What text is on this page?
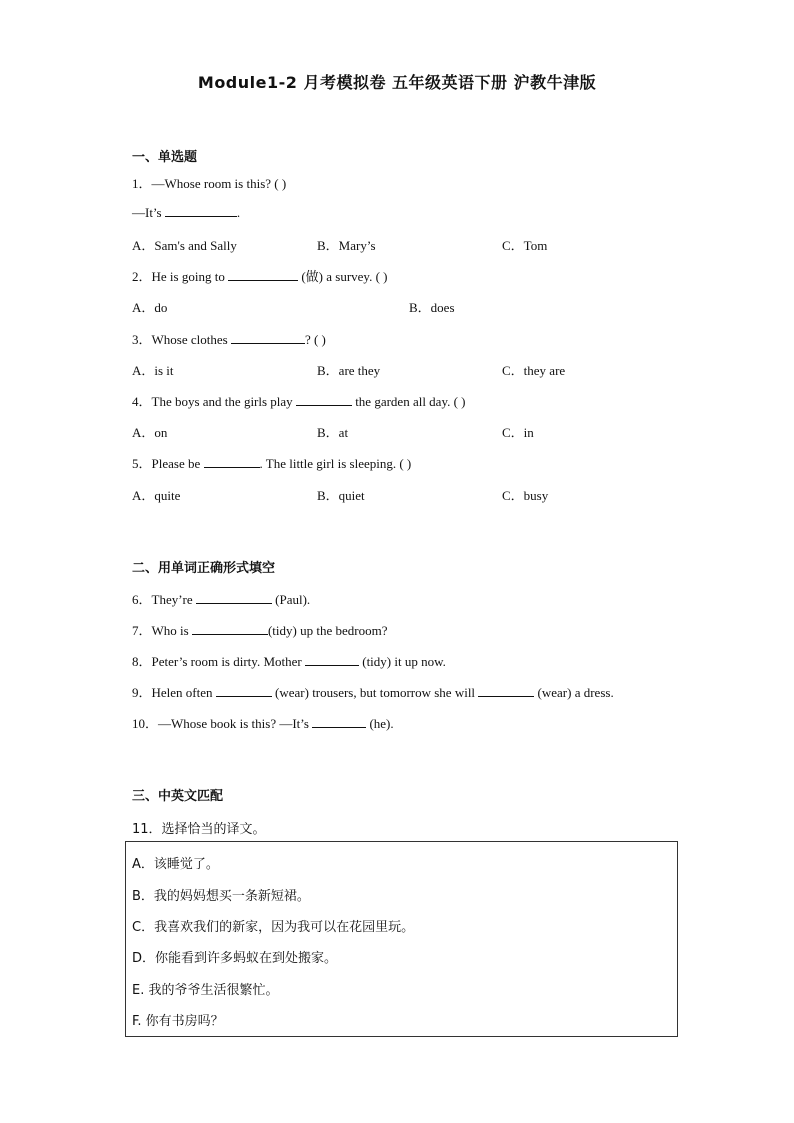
Module1-2 月考模拟卷 五年级英语下册 沪教牛津版
一、单选题
1．—Whose room is this? ( )
—It’s	.
A．Sam's and Sally	B．Mary’s	C．Tom
2．He is going to	(做) a survey. ( )
A．do	B．does
3．Whose clothes	? ( )
A．is it	B．are they	C．they are
4．The boys and the girls play	the garden all day. ( )
A．on	B．at	C．in
5．Please be	. The little girl is sleeping. ( )
A．quite	B．quiet	C．busy
二、用单词正确形式填空
6．They’re	(Paul).
7．Who is	(tidy) up the bedroom?
8．Peter’s room is dirty. Mother	(tidy) it up now.
9．Helen often	(wear) trousers, but tomorrow she will	(wear) a dress.
10．—Whose book is this? —It’s	(he).
三、中英文匹配
11．选择恰当的译文。
A．该睡觉了。
B．我的妈妈想买一条新短裙。
C．我喜欢我们的新家，因为我可以在花园里玩。
D．你能看到许多蚂蚁在到处搬家。
E. 我的爷爷生活很繁忙。
F. 你有书房吗？
